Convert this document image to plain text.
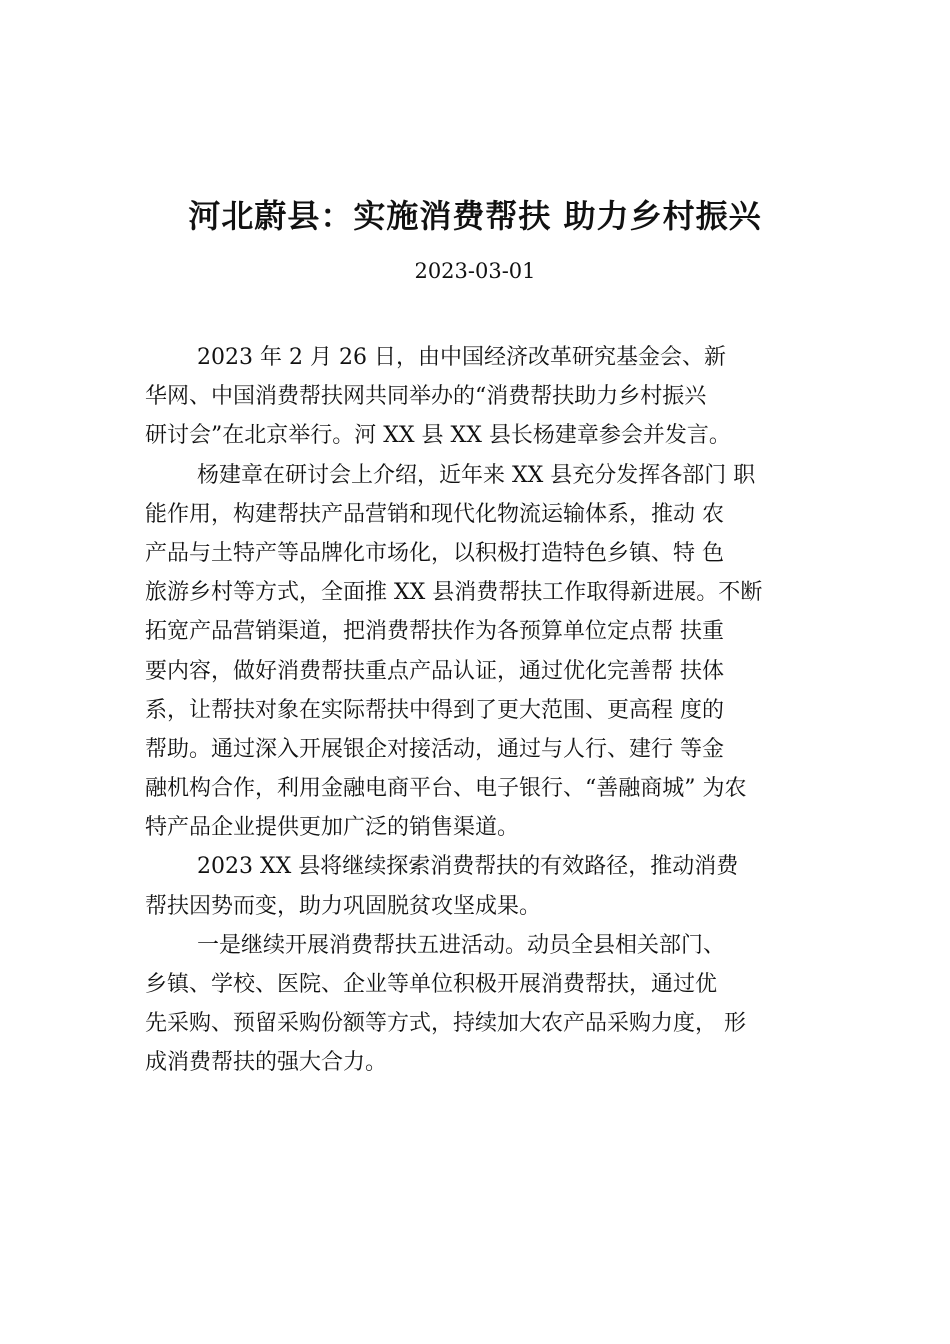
河北蔚县：实施消费帮扶 助力乡村振兴
2023-03-01
2023 年 2 月 26 日，由中国经济改革研究基金会、新
华网、中国消费帮扶网共同举办的“消费帮扶助力乡村振兴
研讨会”在北京举行。河 XX 县 XX 县长杨建章参会并发言。
杨建章在研讨会上介绍，近年来 XX 县充分发挥各部门 职
能作用，构建帮扶产品营销和现代化物流运输体系，推动 农
产品与土特产等品牌化市场化，以积极打造特色乡镇、特 色
旅游乡村等方式，全面推 XX 县消费帮扶工作取得新进展。不断
拓宽产品营销渠道，把消费帮扶作为各预算单位定点帮 扶重
要内容，做好消费帮扶重点产品认证，通过优化完善帮 扶体
系，让帮扶对象在实际帮扶中得到了更大范围、更高程 度的
帮助。通过深入开展银企对接活动，通过与人行、建行 等金
融机构合作，利用金融电商平台、电子银行、“善融商城” 为农
特产品企业提供更加广泛的销售渠道。
2023 XX 县将继续探索消费帮扶的有效路径，推动消费
帮扶因势而变，助力巩固脱贫攻坚成果。
一是继续开展消费帮扶五进活动。动员全县相关部门、
乡镇、学校、医院、企业等单位积极开展消费帮扶，通过优
先采购、预留采购份额等方式，持续加大农产品采购力度， 形
成消费帮扶的强大合力。
